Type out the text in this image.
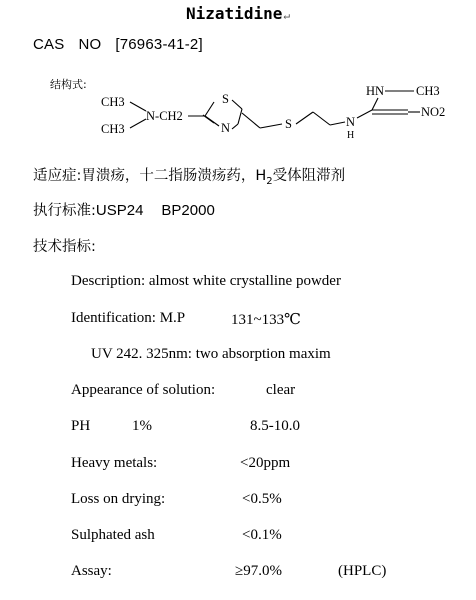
Nizatidine↵
CAS NO [76963-41-2]
结构式:
CH3
CH3
N-CH2
S
N	S	N
H
HN	CH3
NO2
适应症:胃溃疡，十二指肠溃疡药，$H_2$受体阻滞剂
执行标准:USP24 BP2000
技术指标:
Description: almost white crystalline powder
Identification: M.P	131~133℃
UV 242. 325nm: two absorption maxim
Appearance of solution:	clear
PH	1%	8.5-10.0
Heavy metals:	<20ppm
Loss on drying:	<0.5%
Sulphated ash	<0.1%
Assay:	≥97.0%	(HPLC)
